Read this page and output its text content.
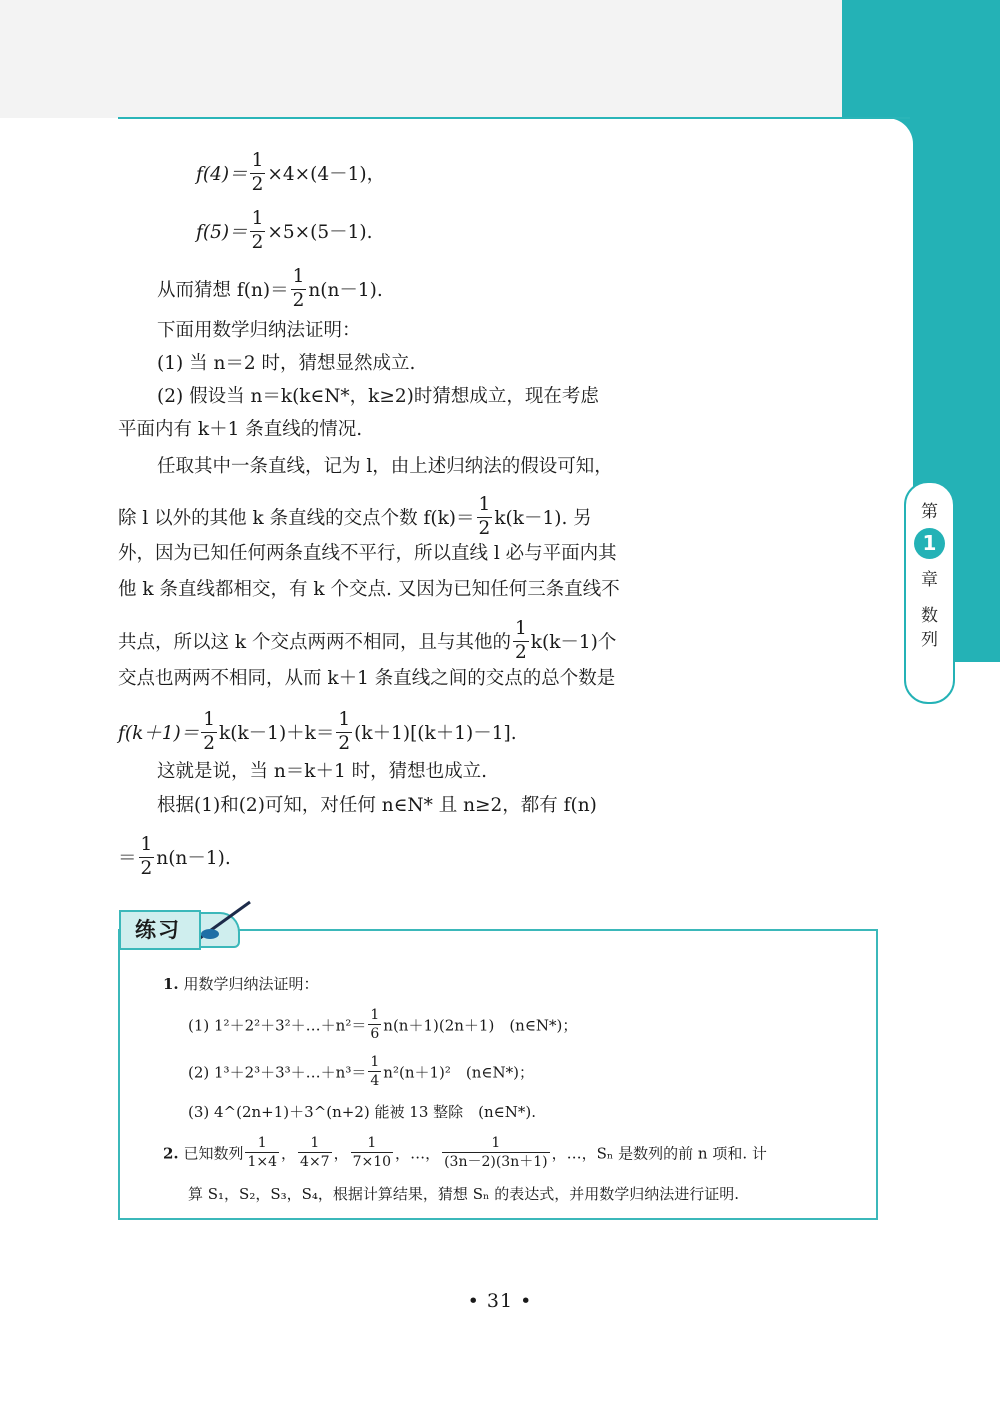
第
1
章
数
列
$f(4)= \frac{1}{2} \times 4\times(4-1)$，
$f(5)= \frac{1}{2} \times 5\times(5-1)$.
从而猜想 $f(n)= \frac{1}{2} n(n-1)$.
下面用数学归纳法证明：
(1) 当 n＝2 时，猜想显然成立.
(2) 假设当 n＝k(k∈N*，k≥2)时猜想成立，现在考虑
平面内有 k＋1 条直线的情况.
任取其中一条直线，记为 l，由上述归纳法的假设可知，
除 l 以外的其他 k 条直线的交点个数 $f(k)= \frac{1}{2} k(k-1)$. 另
外，因为已知任何两条直线不平行，所以直线 l 必与平面内其
他 k 条直线都相交，有 k 个交点. 又因为已知任何三条直线不
共点，所以这 k 个交点两两不相同，且与其他的 $\frac{1}{2} k(k-1)$个
交点也两两不相同，从而 k＋1 条直线之间的交点的总个数是
$f(k+1)= \frac{1}{2} k(k-1)+k= \frac{1}{2} (k+1)[(k+1)-1]$.
这就是说，当 n＝k＋1 时，猜想也成立.
根据(1)和(2)可知，对任何 n∈N* 且 n≥2，都有 f(n)
＝ $\frac{1}{2} n(n-1)$.
练习
1. 用数学归纳法证明：
(1) 1²＋2²＋3²＋…＋n²＝ $\frac{1}{6} n(n+1)(2n+1)$　(n∈N*)；
(2) 1³＋2³＋3³＋…＋n³＝ $\frac{1}{4} n^2(n+1)^2$　(n∈N*)；
(3) 4^(2n+1)＋3^(n+2) 能被 13 整除　(n∈N*).
2. 已知数列 $\frac{1}{1\times 4}$ ， $\frac{1}{4\times 7}$ ， $\frac{1}{7\times 10}$ ，…， $\frac{1}{(3n-2)(3n+1)}$ ，…，Sₙ 是数列的前 n 项和. 计
算 S₁，S₂，S₃，S₄，根据计算结果，猜想 Sₙ 的表达式，并用数学归纳法进行证明.
• 31 •
